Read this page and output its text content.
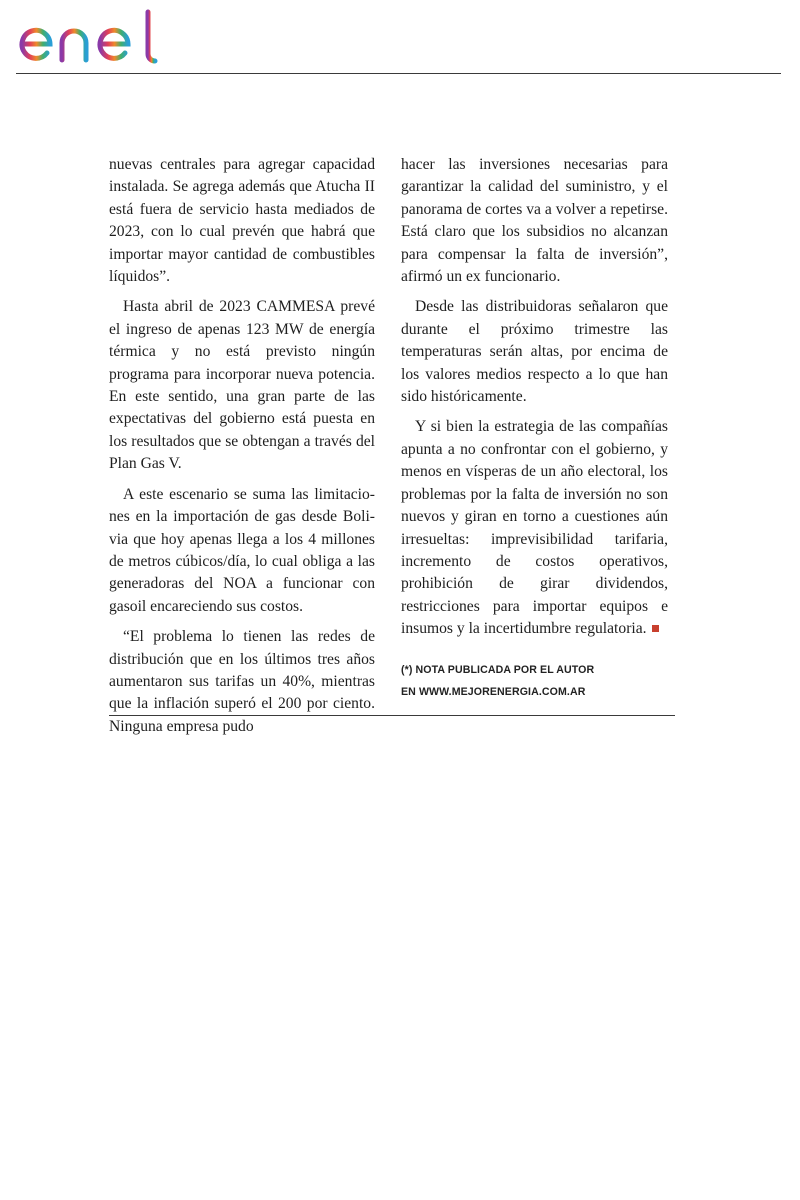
nuevas centrales para agregar capacidad instalada. Se agrega además que Atucha II está fuera de servicio hasta mediados de 2023, con lo cual prevén que habrá que importar mayor cantidad de combustibles líquidos”.

Hasta abril de 2023 CAMMESA prevé el ingreso de apenas 123 MW de energía térmica y no está previsto ningún programa para incorporar nueva potencia. En este sentido, una gran parte de las expectativas del gobierno está puesta en los resultados que se obtengan a través del Plan Gas V.

A este escenario se suma las limitaciones en la importación de gas desde Bolivia que hoy apenas llega a los 4 millones de metros cúbicos/día, lo cual obliga a las generadoras del NOA a funcionar con gasoil encareciendo sus costos.

“El problema lo tienen las redes de distribución que en los últimos tres años aumentaron sus tarifas un 40%, mientras que la inflación superó el 200 por ciento. Ninguna empresa pudo

hacer las inversiones necesarias para garantizar la calidad del suministro, y el panorama de cortes va a volver a repetirse. Está claro que los subsidios no alcanzan para compensar la falta de inversión”, afirmó un ex funcionario.

Desde las distribuidoras señalaron que durante el próximo trimestre las temperaturas serán altas, por encima de los valores medios respecto a lo que han sido históricamente.

Y si bien la estrategia de las compañías apunta a no confrontar con el gobierno, y menos en vísperas de un año electoral, los problemas por la falta de inversión no son nuevos y giran en torno a cuestiones aún irresueltas: imprevisibilidad tarifaria, incremento de costos operativos, prohibición de girar dividendos, restricciones para importar equipos e insumos y la incertidumbre regulatoria.

(*) NOTA PUBLICADA POR EL AUTOR
EN WWW.MEJORENERGIA.COM.AR
